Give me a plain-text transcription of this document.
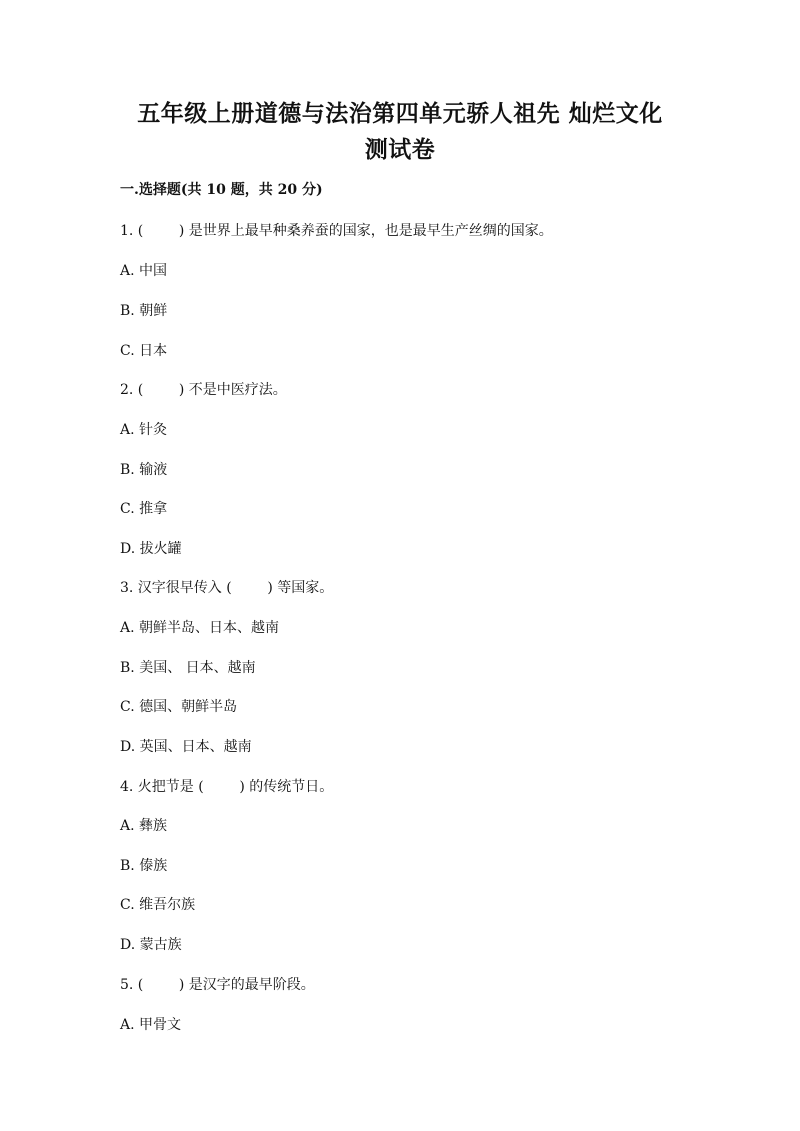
五年级上册道德与法治第四单元骄人祖先 灿烂文化
测试卷
一.选择题(共 10 题，共 20 分)
1. (        ) 是世界上最早种桑养蚕的国家，也是最早生产丝绸的国家。
A. 中国
B. 朝鲜
C. 日本
2. (        ) 不是中医疗法。
A. 针灸
B. 输液
C. 推拿
D. 拔火罐
3. 汉字很早传入 (        ) 等国家。
A. 朝鲜半岛、日本、越南
B. 美国、 日本、越南
C. 德国、朝鲜半岛
D. 英国、日本、越南
4. 火把节是 (        ) 的传统节日。
A. 彝族
B. 傣族
C. 维吾尔族
D. 蒙古族
5. (        ) 是汉字的最早阶段。
A. 甲骨文
